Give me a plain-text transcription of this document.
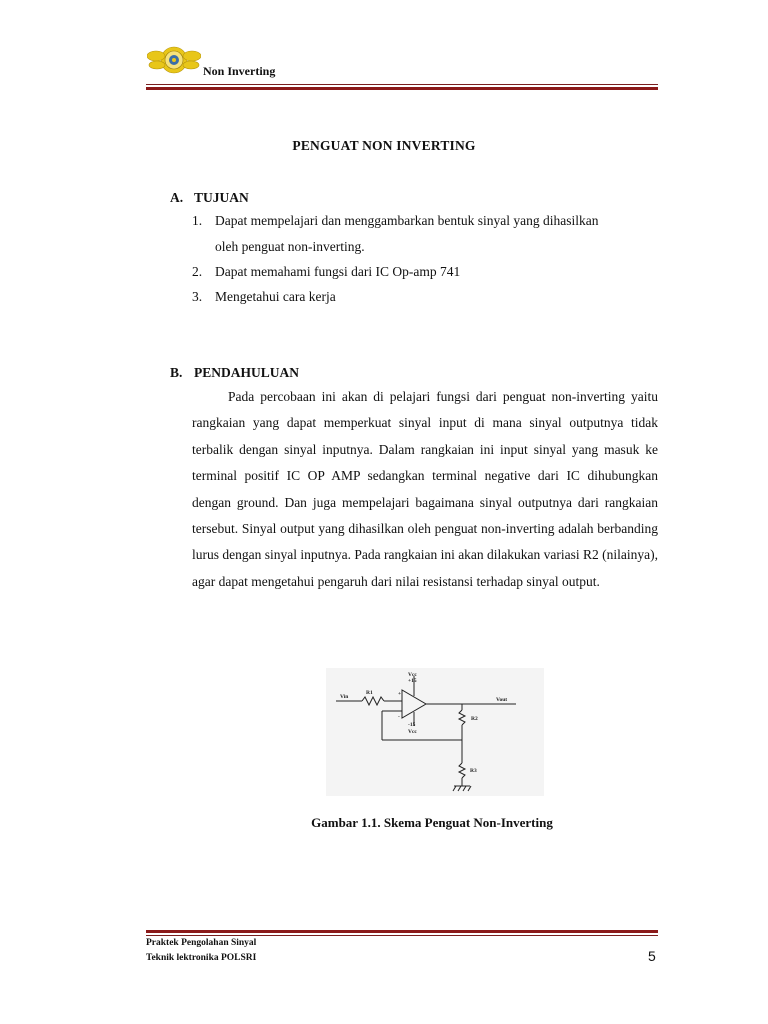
Non Inverting
PENGUAT NON INVERTING
A. TUJUAN
1. Dapat mempelajari dan menggambarkan bentuk sinyal yang dihasilkan
oleh penguat non-inverting.
2. Dapat memahami fungsi dari IC Op-amp 741
3. Mengetahui cara kerja
B. PENDAHULUAN

Pada percobaan ini akan di pelajari fungsi dari penguat non-inverting yaitu rangkaian yang dapat memperkuat sinyal input di mana sinyal outputnya tidak terbalik dengan sinyal inputnya. Dalam rangkaian ini input sinyal yang masuk ke terminal positif IC OP AMP sedangkan terminal negative dari IC dihubungkan dengan ground. Dan juga mempelajari bagaimana sinyal outputnya dari rangkaian tersebut. Sinyal output yang dihasilkan oleh penguat non-inverting adalah berbanding lurus dengan sinyal inputnya. Pada rangkaian ini akan dilakukan variasi R2 (nilainya), agar dapat mengetahui pengaruh dari nilai resistansi terhadap sinyal output.

Vin
R1
Vcc
+15
+
-
-15
Vcc
Vout
R2
R3
Gambar 1.1. Skema Penguat Non-Inverting
Praktek Pengolahan Sinyal
Teknik lektronika POLSRI	5
